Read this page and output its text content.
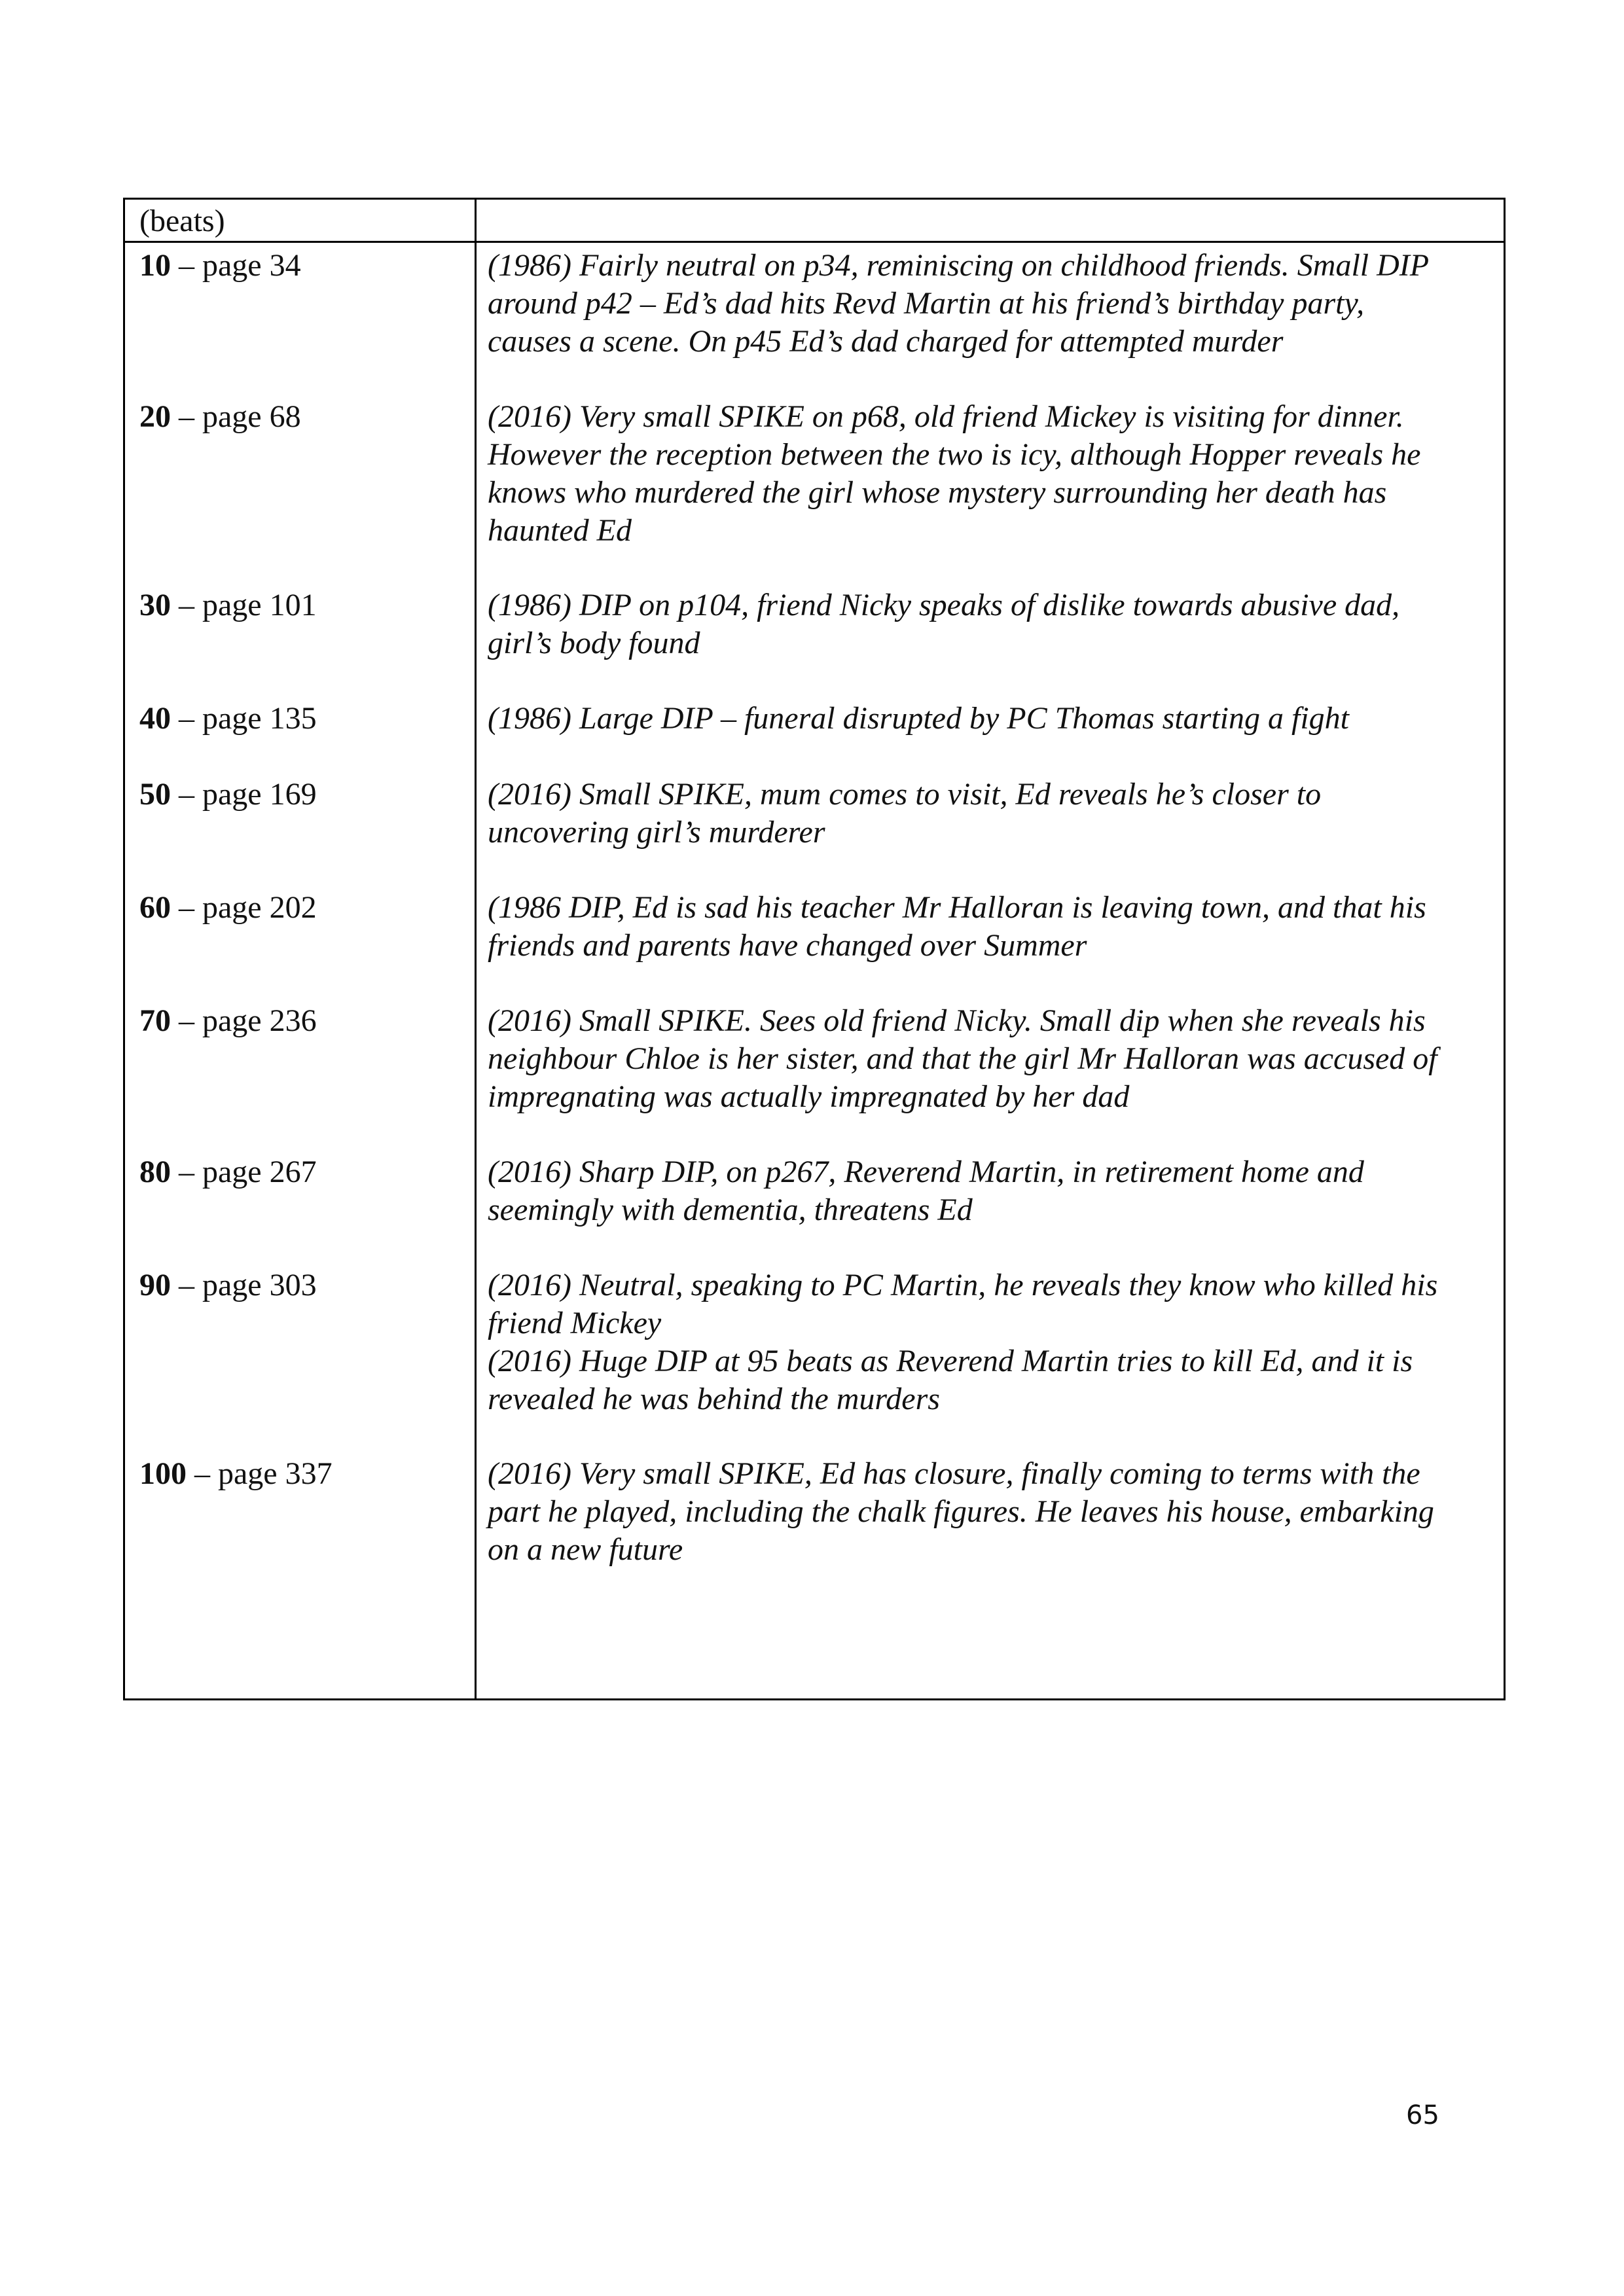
(beats)
10 – page 34	(1986) Fairly neutral on p34, reminiscing on childhood friends. Small DIP
around p42 – Ed’s dad hits Revd Martin at his friend’s birthday party,
causes a scene. On p45 Ed’s dad charged for attempted murder
20 – page 68	(2016) Very small SPIKE on p68, old friend Mickey is visiting for dinner.
However the reception between the two is icy, although Hopper reveals he
knows who murdered the girl whose mystery surrounding her death has
haunted Ed
30 – page 101	(1986) DIP on p104, friend Nicky speaks of dislike towards abusive dad,
girl’s body found
40 – page 135	(1986) Large DIP – funeral disrupted by PC Thomas starting a fight
50 – page 169	(2016) Small SPIKE, mum comes to visit, Ed reveals he’s closer to
uncovering girl’s murderer
60 – page 202	(1986 DIP, Ed is sad his teacher Mr Halloran is leaving town, and that his
friends and parents have changed over Summer
70 – page 236	(2016) Small SPIKE. Sees old friend Nicky. Small dip when she reveals his
neighbour Chloe is her sister, and that the girl Mr Halloran was accused of
impregnating was actually impregnated by her dad
80 – page 267	(2016) Sharp DIP, on p267, Reverend Martin, in retirement home and
seemingly with dementia, threatens Ed
90 – page 303	(2016) Neutral, speaking to PC Martin, he reveals they know who killed his
friend Mickey
(2016) Huge DIP at 95 beats as Reverend Martin tries to kill Ed, and it is
revealed he was behind the murders
100 – page 337	(2016) Very small SPIKE, Ed has closure, finally coming to terms with the
part he played, including the chalk figures. He leaves his house, embarking
on a new future
65
